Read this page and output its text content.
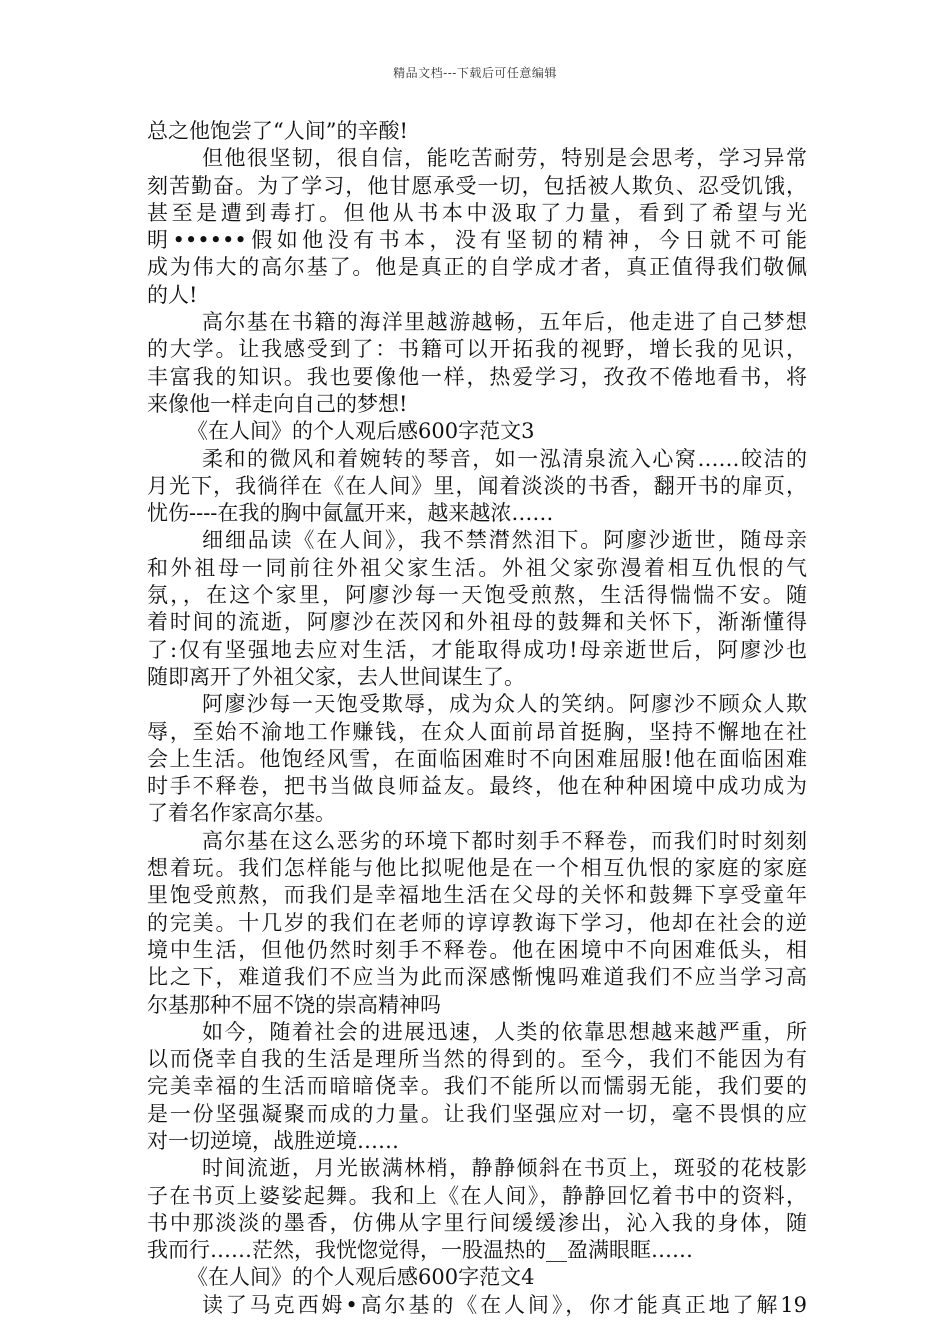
精品文档---下载后可任意编辑
总之他饱尝了“人间”的辛酸!
但他很坚韧，很自信，能吃苦耐劳，特别是会思考，学习异常
刻苦勤奋。为了学习，他甘愿承受一切，包括被人欺负、忍受饥饿，
甚至是遭到毒打。但他从书本中汲取了力量，看到了希望与光
明••••••假如他没有书本，没有坚韧的精神，今日就不可能
成为伟大的高尔基了。他是真正的自学成才者，真正值得我们敬佩
的人!
高尔基在书籍的海洋里越游越畅，五年后，他走进了自己梦想
的大学。让我感受到了：书籍可以开拓我的视野，增长我的见识，
丰富我的知识。我也要像他一样，热爱学习，孜孜不倦地看书，将
来像他一样走向自己的梦想!
《在人间》的个人观后感600字范文3
柔和的微风和着婉转的琴音，如一泓清泉流入心窝……皎洁的
月光下，我徜徉在《在人间》里，闻着淡淡的书香，翻开书的扉页，
忧伤----在我的胸中氤氲开来，越来越浓……
细细品读《在人间》，我不禁潸然泪下。阿廖沙逝世，随母亲
和外祖母一同前往外祖父家生活。外祖父家弥漫着相互仇恨的气
氛，，在这个家里，阿廖沙每一天饱受煎熬，生活得惴惴不安。随
着时间的流逝，阿廖沙在茨冈和外祖母的鼓舞和关怀下，渐渐懂得
了:仅有坚强地去应对生活，才能取得成功!母亲逝世后，阿廖沙也
随即离开了外祖父家，去人世间谋生了。
阿廖沙每一天饱受欺辱，成为众人的笑纳。阿廖沙不顾众人欺
辱，至始不渝地工作赚钱，在众人面前昂首挺胸，坚持不懈地在社
会上生活。他饱经风雪，在面临困难时不向困难屈服!他在面临困难
时手不释卷，把书当做良师益友。最终，他在种种困境中成功成为
了着名作家高尔基。
高尔基在这么恶劣的环境下都时刻手不释卷，而我们时时刻刻
想着玩。我们怎样能与他比拟呢他是在一个相互仇恨的家庭的家庭
里饱受煎熬，而我们是幸福地生活在父母的关怀和鼓舞下享受童年
的完美。十几岁的我们在老师的谆谆教诲下学习，他却在社会的逆
境中生活，但他仍然时刻手不释卷。他在困境中不向困难低头，相
比之下，难道我们不应当为此而深感惭愧吗难道我们不应当学习高
尔基那种不屈不饶的崇高精神吗
如今，随着社会的进展迅速，人类的依靠思想越来越严重，所
以而侥幸自我的生活是理所当然的得到的。至今，我们不能因为有
完美幸福的生活而暗暗侥幸。我们不能所以而懦弱无能，我们要的
是一份坚强凝聚而成的力量。让我们坚强应对一切，毫不畏惧的应
对一切逆境，战胜逆境……
时间流逝，月光嵌满林梢，静静倾斜在书页上，斑驳的花枝影
子在书页上婆娑起舞。我和上《在人间》，静静回忆着书中的资料，
书中那淡淡的墨香，仿佛从字里行间缓缓渗出，沁入我的身体，随
我而行……茫然，我恍惚觉得，一股温热的__盈满眼眶……
《在人间》的个人观后感600字范文4
读了马克西姆•高尔基的《在人间》，你才能真正地了解19
